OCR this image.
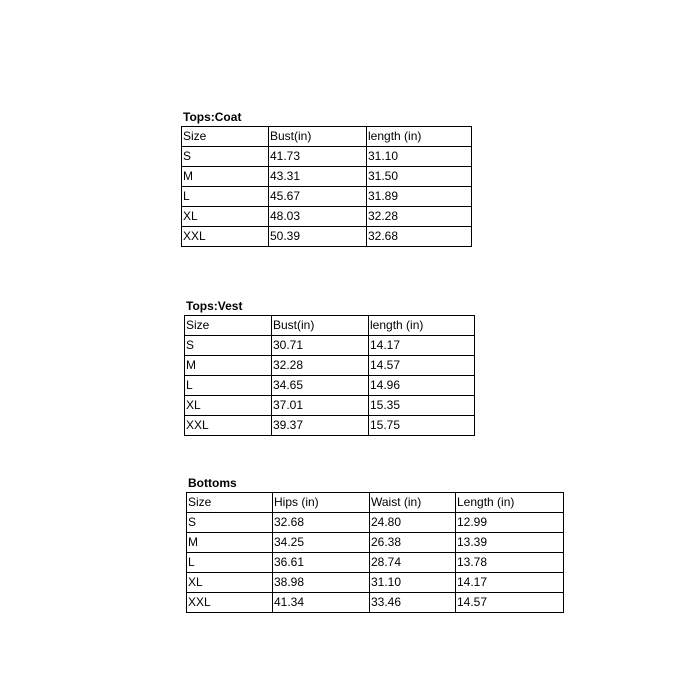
Tops:Coat
Size	Bust(in)	length (in)
S	41.73	31.10
M	43.31	31.50
L	45.67	31.89
XL	48.03	32.28
XXL	50.39	32.68
Tops:Vest
Size	Bust(in)	length (in)
S	30.71	14.17
M	32.28	14.57
L	34.65	14.96
XL	37.01	15.35
XXL	39.37	15.75
Bottoms
Size	Hips (in)	Waist (in)	Length (in)
S	32.68	24.80	12.99
M	34.25	26.38	13.39
L	36.61	28.74	13.78
XL	38.98	31.10	14.17
XXL	41.34	33.46	14.57
